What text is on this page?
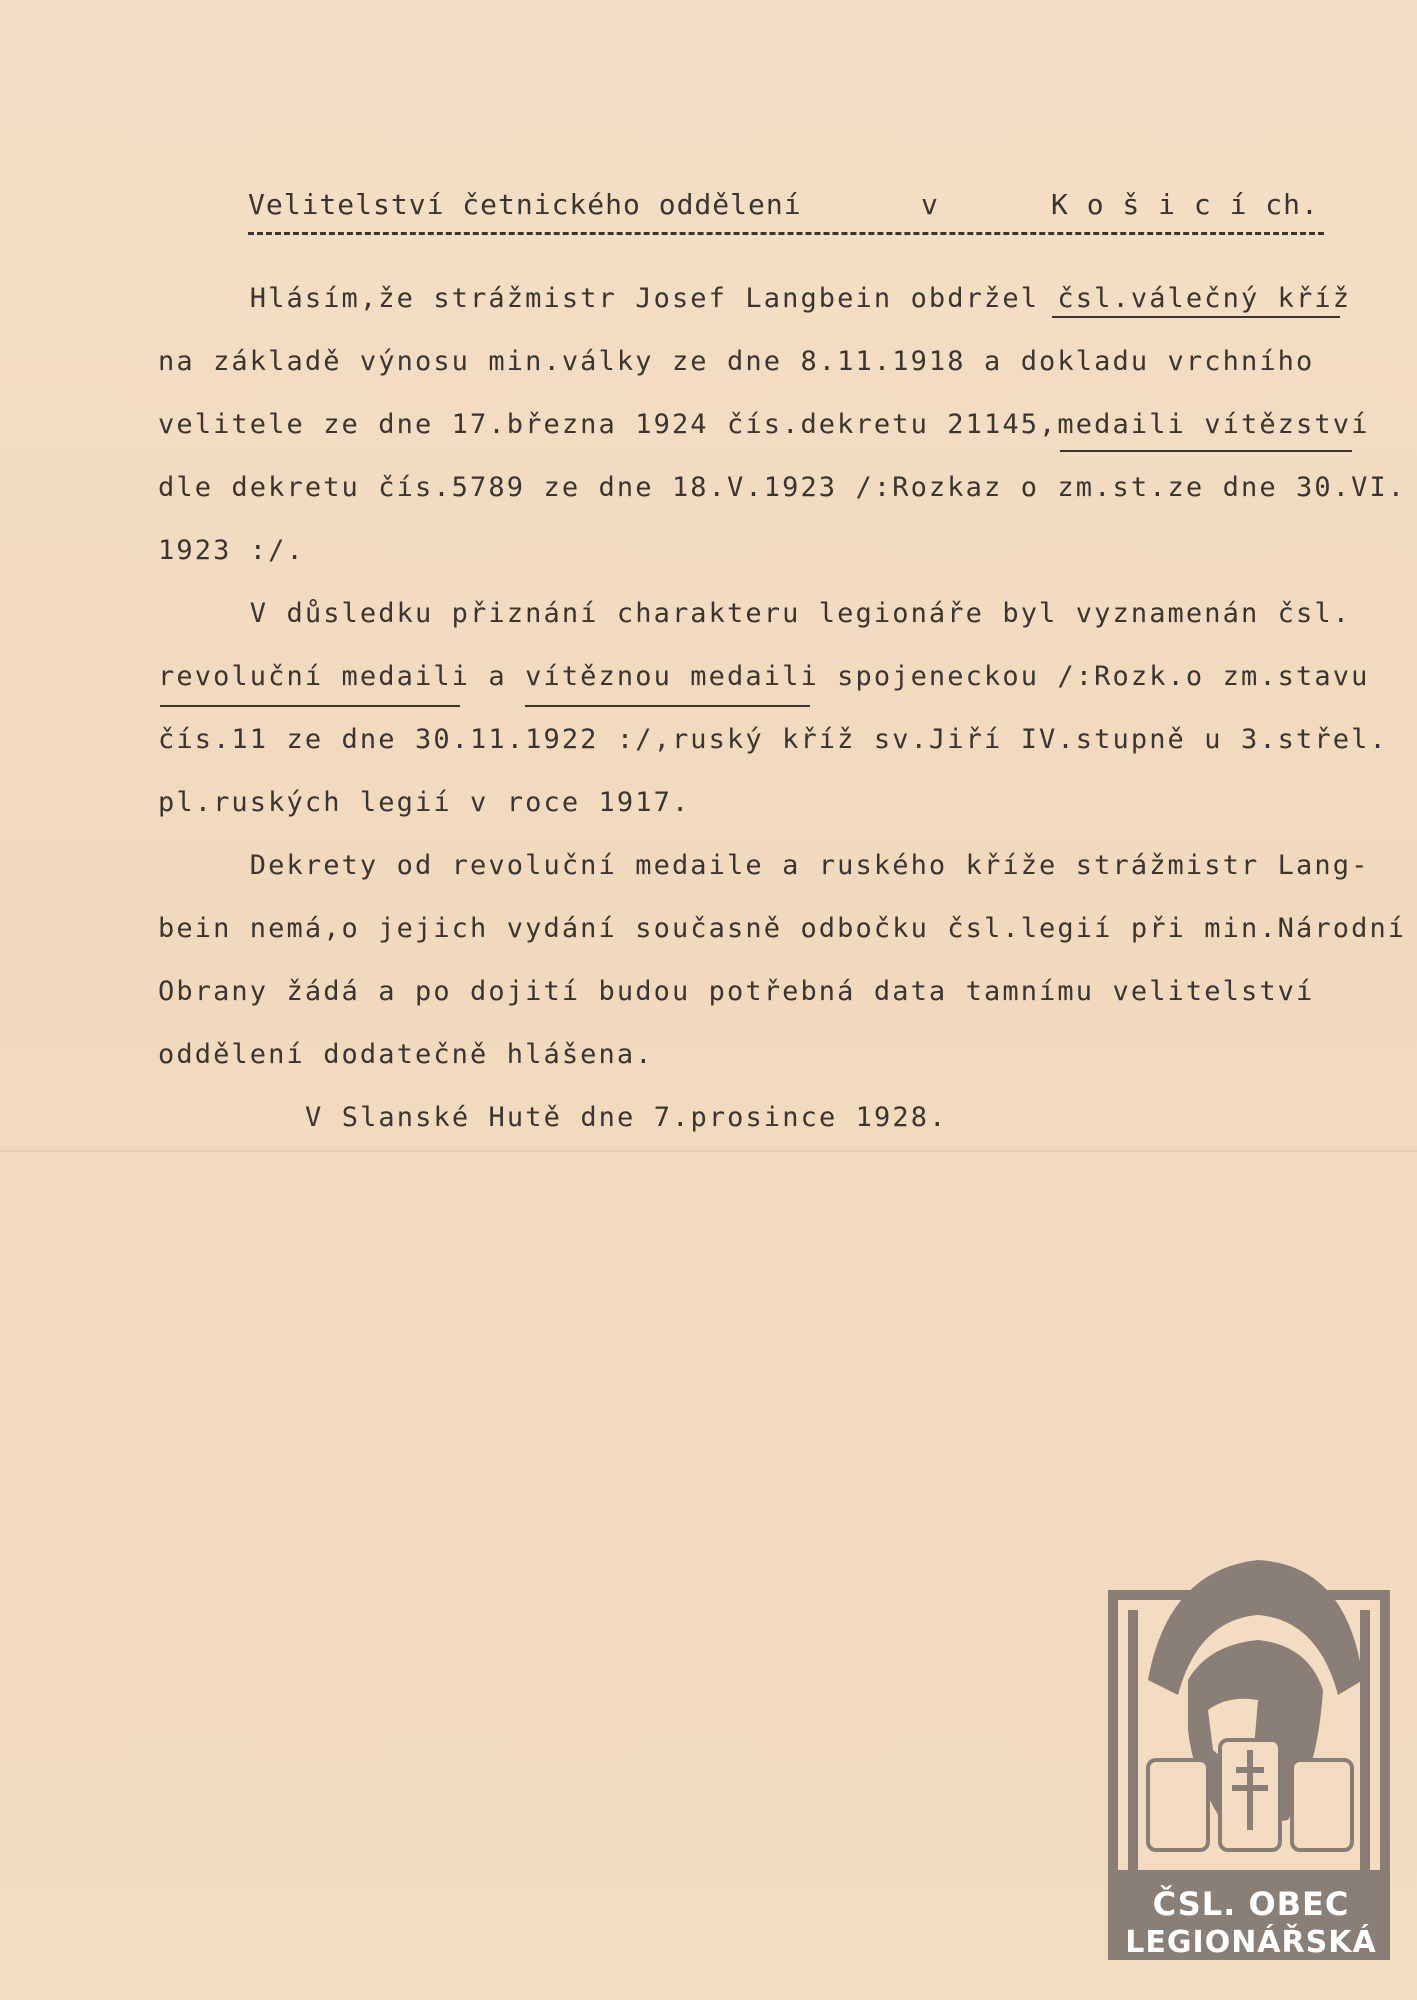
Velitelství četnického oddělení

	v

	K o š i c í ch.

Hlásím,že strážmistr Josef Langbein obdržel čsl.válečný kříž
na základě výnosu min.války ze dne 8.11.1918 a dokladu vrchního
velitele ze dne 17.března 1924 čís.dekretu 21145,medaili vítězství
dle dekretu čís.5789 ze dne 18.V.1923 /:Rozkaz o zm.st.ze dne 30.VI.
1923 :/.
V důsledku přiznání charakteru legionáře byl vyznamenán čsl.
revoluční medaili a vítěznou medaili spojeneckou /:Rozk.o zm.stavu
čís.11 ze dne 30.11.1922 :/,ruský kříž sv.Jiří IV.stupně u 3.střel.
pl.ruských legií v roce 1917.
Dekrety od revoluční medaile a ruského kříže strážmistr Lang-
bein nemá,o jejich vydání současně odbočku čsl.legií při min.Národní
Obrany žádá a po dojití budou potřebná data tamnímu velitelství
oddělení dodatečně hlášena.
V Slanské Hutě dne 7.prosince 1928.
ČSL. OBEC
LEGIONÁŘSKÁ
